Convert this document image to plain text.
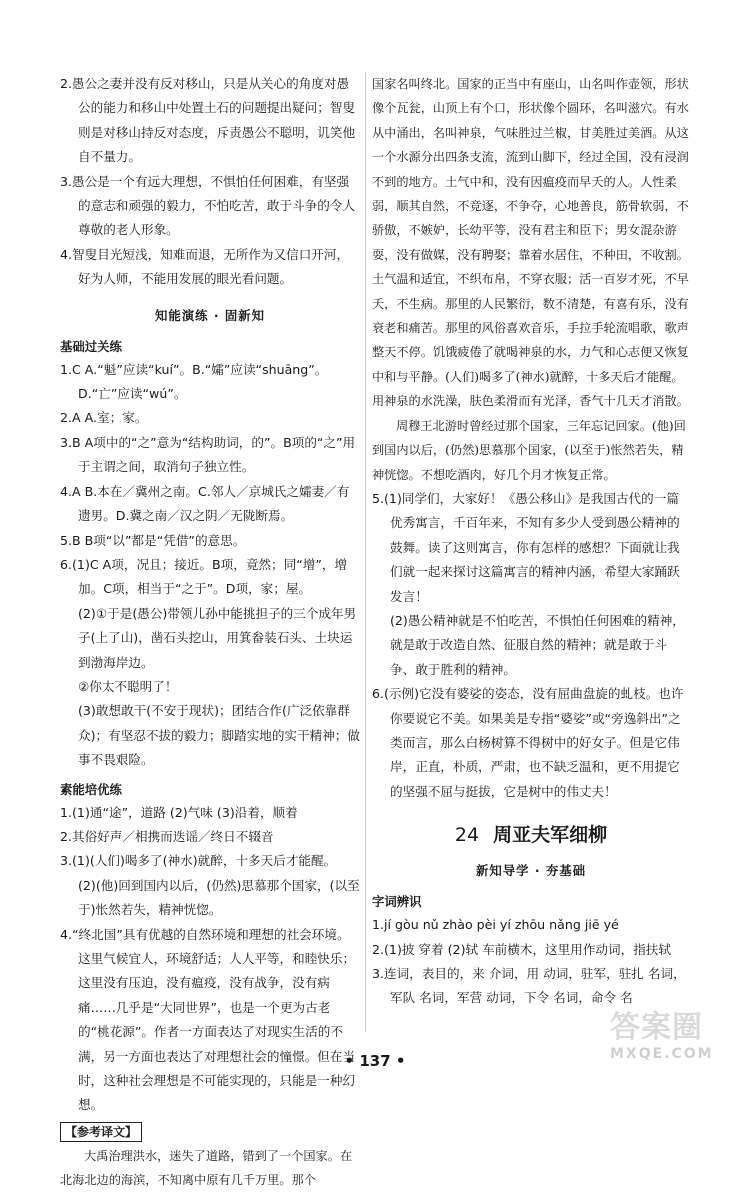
2.愚公之妻并没有反对移山，只是从关心的角度对愚公的能力和移山中处置土石的问题提出疑问；智叟则是对移山持反对态度，斥责愚公不聪明，讥笑他自不量力。
3.愚公是一个有远大理想，不惧怕任何困难，有坚强的意志和顽强的毅力，不怕吃苦，敢于斗争的令人尊敬的老人形象。
4.智叟目光短浅，知难而退，无所作为又信口开河，好为人师，不能用发展的眼光看问题。
知能演练 · 固新知
基础过关练
1.C A.“魁”应读“kuí”。B.“孀”应读“shuāng”。D.“亡”应读“wú”。
2.A A.室；家。
3.B A项中的“之”意为“结构助词，的”。B项的“之”用于主谓之间，取消句子独立性。
4.A B.本在／冀州之南。C.邻人／京城氏之孀妻／有遗男。D.冀之南／汉之阴／无陇断焉。
5.B B项“以”都是“凭借”的意思。
6.(1)C A项，况且；接近。B项，竟然；同“增”，增加。C项，相当于“之于”。D项，家；屋。
(2)①于是(愚公)带领儿孙中能挑担子的三个成年男子(上了山)，凿石头挖山，用箕畚装石头、土块运到渤海岸边。
②你太不聪明了！
(3)敢想敢干(不安于现状)；团结合作(广泛依靠群众)；有坚忍不拔的毅力；脚踏实地的实干精神；做事不畏艰险。
素能培优练
1.(1)通“途”，道路 (2)气味 (3)沿着，顺着
2.其俗好声／相携而迭谣／终日不辍音
3.(1)(人们)喝多了(神水)就醉，十多天后才能醒。
(2)(他)回到国内以后，(仍然)思慕那个国家，(以至于)怅然若失，精神恍惚。
4.“终北国”具有优越的自然环境和理想的社会环境。这里气候宜人，环境舒适；人人平等，和睦快乐；这里没有压迫，没有瘟疫，没有战争，没有病痛……几乎是“大同世界”，也是一个更为古老的“桃花源”。作者一方面表达了对现实生活的不满，另一方面也表达了对理想社会的憧憬。但在当时，这种社会理想是不可能实现的，只能是一种幻想。
【参考译文】
大禹治理洪水，迷失了道路，错到了一个国家。在北海北边的海滨，不知离中原有几千万里。那个
国家名叫终北。国家的正当中有座山，山名叫作壶领，形状像个瓦瓮，山顶上有个口，形状像个圆环，名叫滋穴。有水从中涌出，名叫神泉，气味胜过兰椒，甘美胜过美酒。从这一个水源分出四条支流，流到山脚下，经过全国，没有浸润不到的地方。土气中和，没有因瘟疫而早夭的人。人性柔弱，顺其自然，不竞逐，不争夺，心地善良，筋骨软弱，不骄傲，不嫉妒，长幼平等，没有君主和臣下；男女混杂游耍，没有做媒，没有聘娶；靠着水居住，不种田，不收割。土气温和适宜，不织布帛，不穿衣服；活一百岁才死，不早夭，不生病。那里的人民繁衍，数不清楚，有喜有乐，没有衰老和痛苦。那里的风俗喜欢音乐，手拉手轮流唱歌，歌声整天不停。饥饿疲倦了就喝神泉的水，力气和心志便又恢复中和与平静。(人们)喝多了(神水)就醉，十多天后才能醒。用神泉的水洗澡，肤色柔滑而有光泽，香气十几天才消散。
周穆王北游时曾经过那个国家，三年忘记回家。(他)回到国内以后，(仍然)思慕那个国家，(以至于)怅然若失，精神恍惚。不想吃酒肉，好几个月才恢复正常。
5.(1)同学们，大家好！《愚公移山》是我国古代的一篇优秀寓言，千百年来，不知有多少人受到愚公精神的鼓舞。读了这则寓言，你有怎样的感想？下面就让我们就一起来探讨这篇寓言的精神内涵，希望大家踊跃发言！
(2)愚公精神就是不怕吃苦，不惧怕任何困难的精神，就是敢于改造自然、征服自然的精神；就是敢于斗争、敢于胜利的精神。
6.(示例)它没有婆娑的姿态，没有屈曲盘旋的虬枝。也许你要说它不美。如果美是专指“婆娑”或“旁逸斜出”之类而言，那么白杨树算不得树中的好女子。但是它伟岸，正直，朴质，严肃，也不缺乏温和，更不用提它的坚强不屈与挺拔，它是树中的伟丈夫！
24 周亚夫军细柳
新知导学 · 夯基础
字词辨识
1.jí gòu nǔ zhào pèi yí zhōu nǎng jiē yé
2.(1)披 穿着 (2)轼 车前横木，这里用作动词，指扶轼
3.连词，表目的，来 介词，用 动词，驻军，驻扎 名词，军队 名词，军营 动词，下令 名词，命令 名
• 137 •
答案圈
MXQE.COM
